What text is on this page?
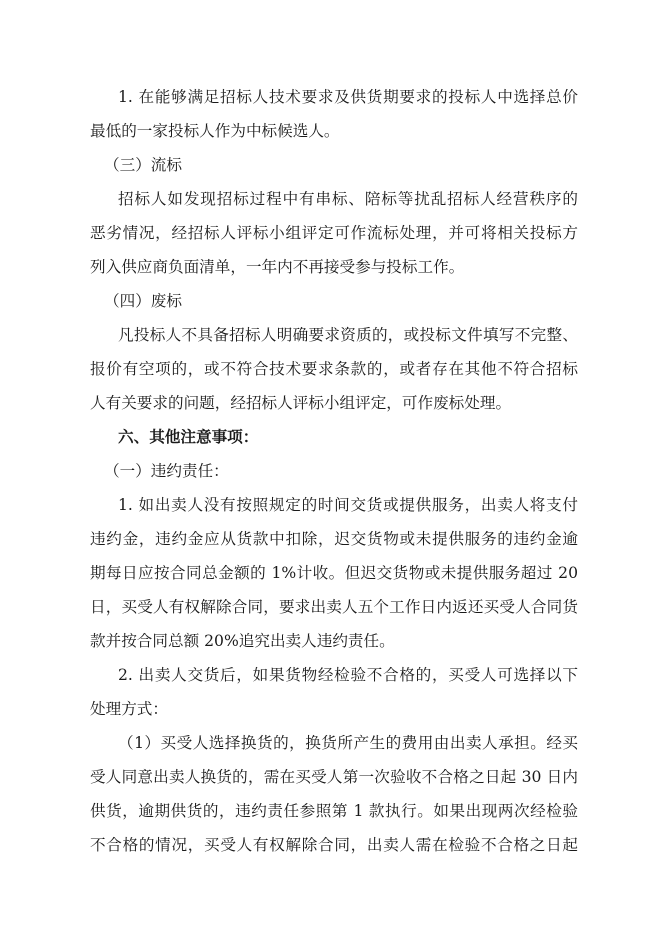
1. 在能够满足招标人技术要求及供货期要求的投标人中选择总价
最低的一家投标人作为中标候选人。
（三）流标
招标人如发现招标过程中有串标、陪标等扰乱招标人经营秩序的
恶劣情况，经招标人评标小组评定可作流标处理，并可将相关投标方
列入供应商负面清单，一年内不再接受参与投标工作。
（四）废标
凡投标人不具备招标人明确要求资质的，或投标文件填写不完整、
报价有空项的，或不符合技术要求条款的，或者存在其他不符合招标
人有关要求的问题，经招标人评标小组评定，可作废标处理。
六、其他注意事项：
（一）违约责任：
1. 如出卖人没有按照规定的时间交货或提供服务，出卖人将支付
违约金，违约金应从货款中扣除，迟交货物或未提供服务的违约金逾
期每日应按合同总金额的 1%计收。但迟交货物或未提供服务超过 20
日，买受人有权解除合同，要求出卖人五个工作日内返还买受人合同货
款并按合同总额 20%追究出卖人违约责任。
2. 出卖人交货后，如果货物经检验不合格的，买受人可选择以下
处理方式：
（1）买受人选择换货的，换货所产生的费用由出卖人承担。经买
受人同意出卖人换货的，需在买受人第一次验收不合格之日起 30 日内
供货，逾期供货的，违约责任参照第 1 款执行。如果出现两次经检验
不合格的情况，买受人有权解除合同，出卖人需在检验不合格之日起
